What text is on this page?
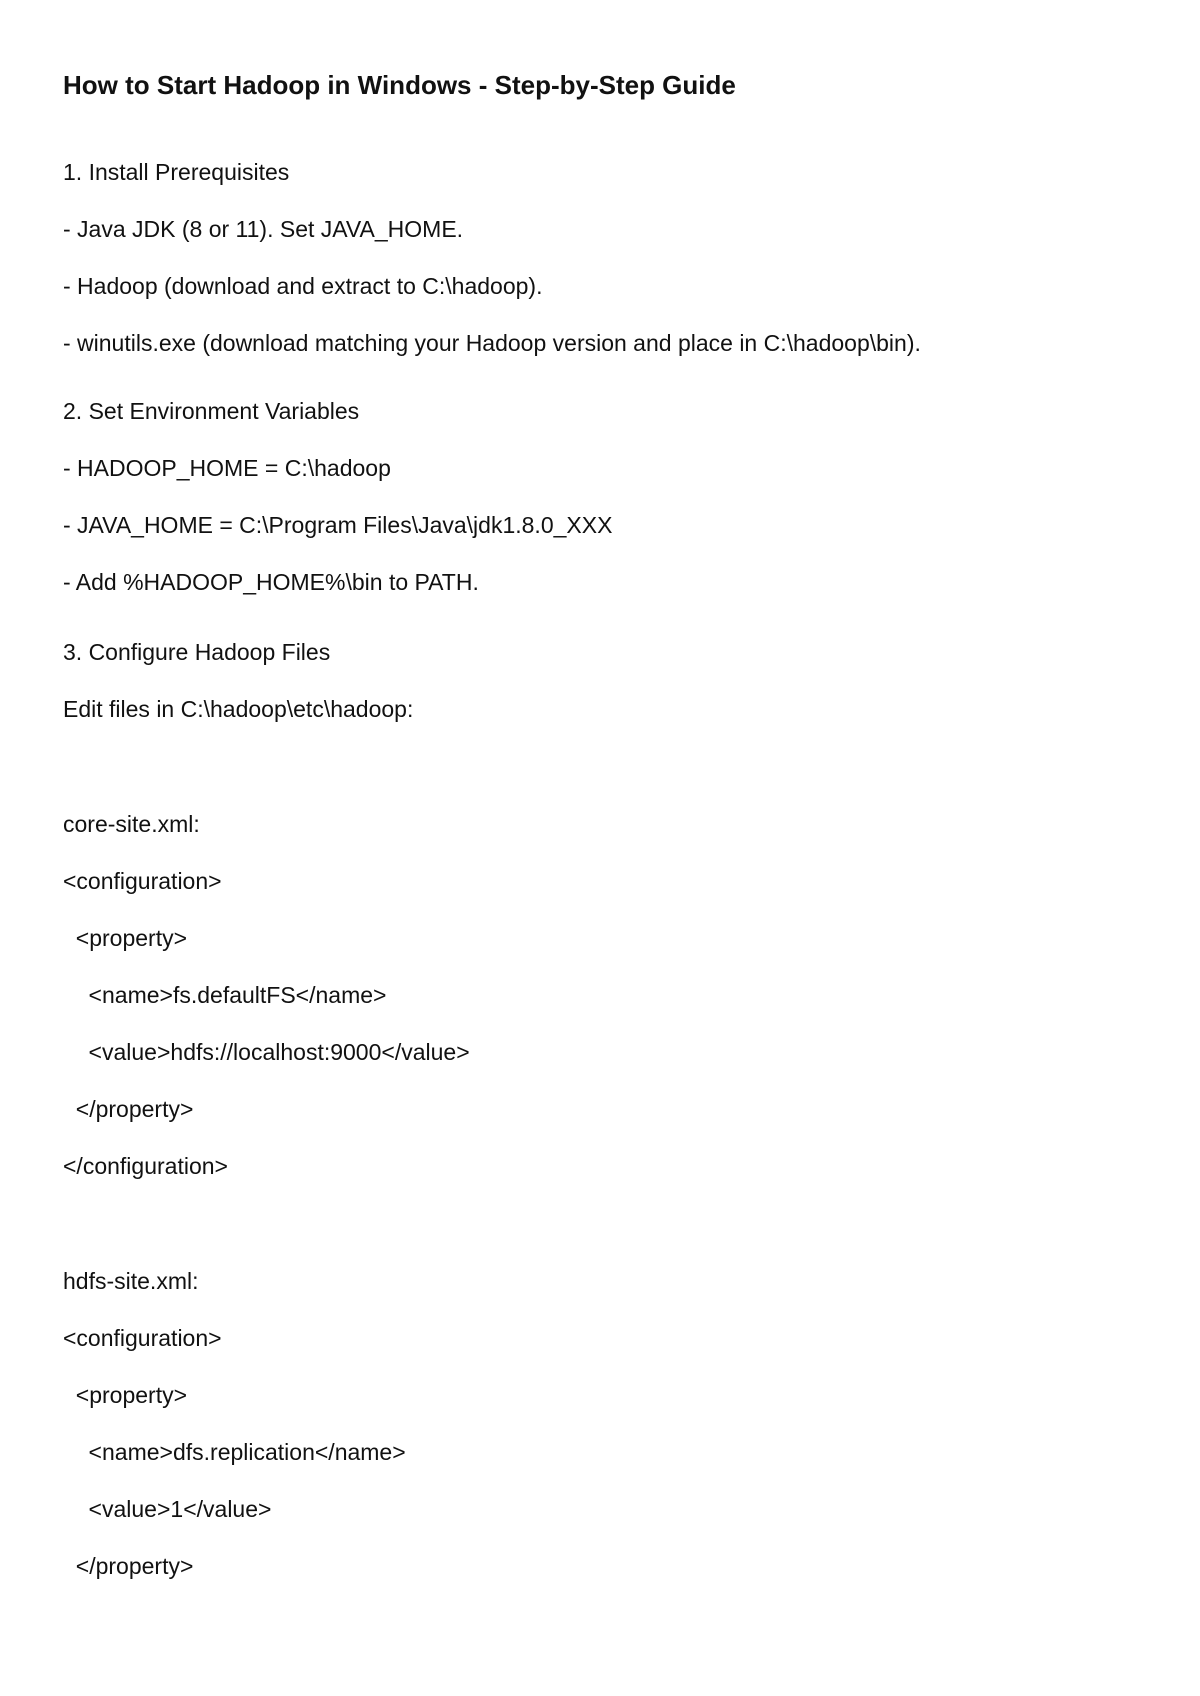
How to Start Hadoop in Windows - Step-by-Step Guide
1. Install Prerequisites
- Java JDK (8 or 11). Set JAVA_HOME.
- Hadoop (download and extract to C:\hadoop).
- winutils.exe (download matching your Hadoop version and place in C:\hadoop\bin).
2. Set Environment Variables
- HADOOP_HOME = C:\hadoop
- JAVA_HOME = C:\Program Files\Java\jdk1.8.0_XXX
- Add %HADOOP_HOME%\bin to PATH.
3. Configure Hadoop Files
Edit files in C:\hadoop\etc\hadoop:
core-site.xml:
<configuration>
<property>
<name>fs.defaultFS</name>
<value>hdfs://localhost:9000</value>
</property>
</configuration>
hdfs-site.xml:
<configuration>
<property>
<name>dfs.replication</name>
<value>1</value>
</property>
